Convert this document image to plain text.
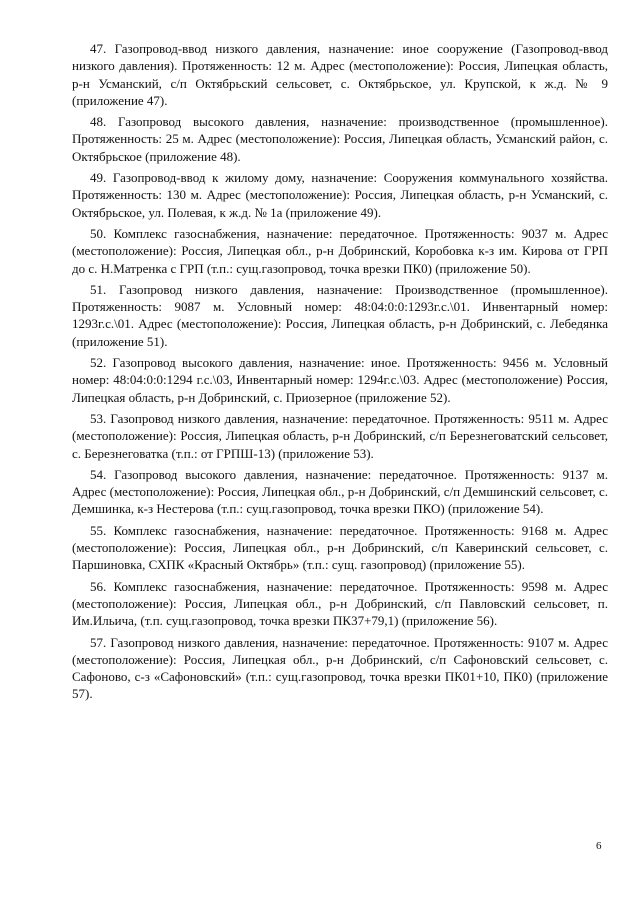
47. Газопровод-ввод низкого давления, назначение: иное сооружение (Газопровод-ввод низкого давления). Протяженность: 12 м. Адрес (местоположение): Россия, Липецкая область, р-н Усманский, с/п Октябрьский сельсовет, с. Октябрьское, ул. Крупской, к ж.д. № 9 (приложение 47).

48. Газопровод высокого давления, назначение: производственное (промышленное). Протяженность: 25 м. Адрес (местоположение): Россия, Липецкая область, Усманский район, с. Октябрьское (приложение 48).

49. Газопровод-ввод к жилому дому, назначение: Сооружения коммунального хозяйства. Протяженность: 130 м. Адрес (местоположение): Россия, Липецкая область, р-н Усманский, с. Октябрьское, ул. Полевая, к ж.д. № 1а (приложение 49).

50. Комплекс газоснабжения, назначение: передаточное. Протяженность: 9037 м. Адрес (местоположение): Россия, Липецкая обл., р-н Добринский, Коробовка к-з им. Кирова от ГРП до с. Н.Матренка с ГРП (т.п.: сущ.газопровод, точка врезки ПК0) (приложение 50).

51. Газопровод низкого давления, назначение: Производственное (промышленное). Протяженность: 9087 м. Условный номер: 48:04:0:0:1293г.с.\01. Инвентарный номер: 1293г.с.\01. Адрес (местоположение): Россия, Липецкая область, р-н Добринский, с. Лебедянка (приложение 51).

52. Газопровод высокого давления, назначение: иное. Протяженность: 9456 м. Условный номер: 48:04:0:0:1294 г.с.\03, Инвентарный номер: 1294г.с.\03. Адрес (местоположение) Россия, Липецкая область, р-н Добринский, с. Приозерное (приложение 52).

53. Газопровод низкого давления, назначение: передаточное. Протяженность: 9511 м. Адрес (местоположение): Россия, Липецкая область, р-н Добринский, с/п Березнеговатский сельсовет, с. Березнеговатка (т.п.: от ГРПШ-13) (приложение 53).

54. Газопровод высокого давления, назначение: передаточное. Протяженность: 9137 м. Адрес (местоположение): Россия, Липецкая обл., р-н Добринский, с/п Демшинский сельсовет, с. Демшинка, к-з Нестерова (т.п.: сущ.газопровод, точка врезки ПКО) (приложение 54).

55. Комплекс газоснабжения, назначение: передаточное. Протяженность: 9168 м. Адрес (местоположение): Россия, Липецкая обл., р-н Добринский, с/п Каверинский сельсовет, с. Паршиновка, СХПК «Красный Октябрь» (т.п.: сущ. газопровод) (приложение 55).

56. Комплекс газоснабжения, назначение: передаточное. Протяженность: 9598 м. Адрес (местоположение): Россия, Липецкая обл., р-н Добринский, с/п Павловский сельсовет, п. Им.Ильича, (т.п. сущ.газопровод, точка врезки ПК37+79,1) (приложение 56).

57. Газопровод низкого давления, назначение: передаточное. Протяженность: 9107 м. Адрес (местоположение): Россия, Липецкая обл., р-н Добринский, с/п Сафоновский сельсовет, с. Сафоново, с-з «Сафоновский» (т.п.: сущ.газопровод, точка врезки ПК01+10, ПК0) (приложение 57).

6
